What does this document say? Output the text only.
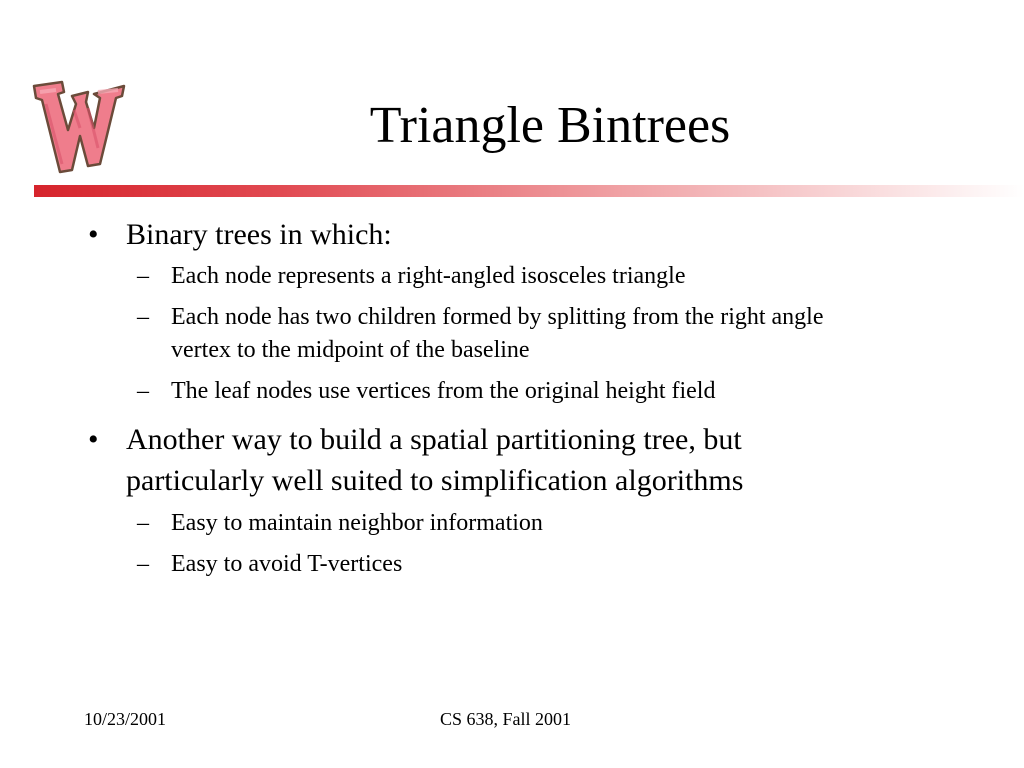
Triangle Bintrees
• Binary trees in which:
– Each node represents a right-angled isosceles triangle
– Each node has two children formed by splitting from the right angle
vertex to the midpoint of the baseline
– The leaf nodes use vertices from the original height field
• Another way to build a spatial partitioning tree, but
particularly well suited to simplification algorithms
– Easy to maintain neighbor information
– Easy to avoid T-vertices
10/23/2001	CS 638, Fall 2001
